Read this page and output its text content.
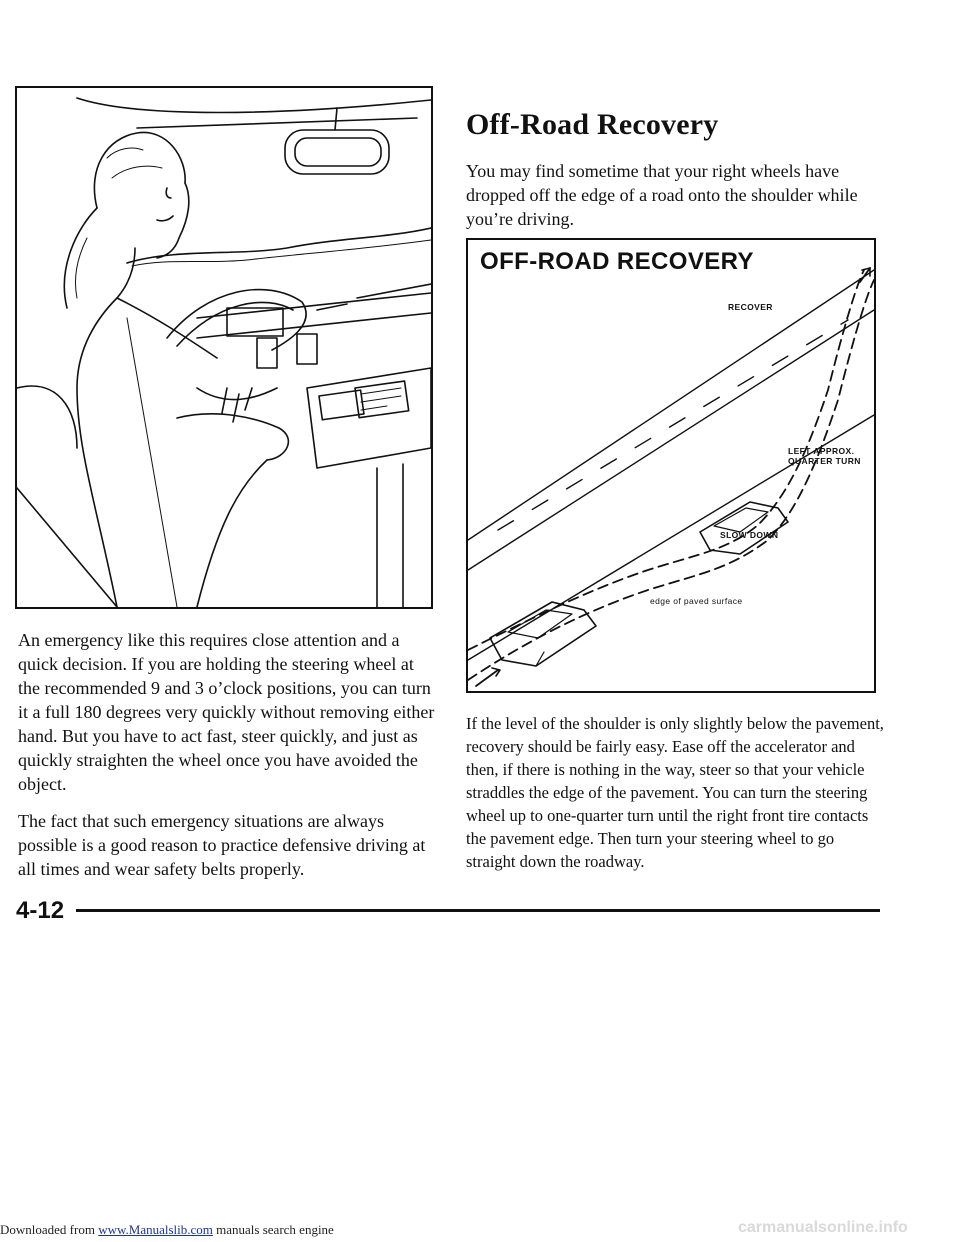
An emergency like this requires close attention and a quick decision. If you are holding the steering wheel at the recommended 9 and 3 o’clock positions, you can turn it a full 180 degrees very quickly without removing either hand. But you have to act fast, steer quickly, and just as quickly straighten the wheel once you have avoided the object.

The fact that such emergency situations are always possible is a good reason to practice defensive driving at all times and wear safety belts properly.

Off-Road Recovery

You may find sometime that your right wheels have dropped off the edge of a road onto the shoulder while you’re driving.

OFF-ROAD RECOVERY
RECOVER
LEFT APPROX. QUARTER TURN
SLOW DOWN
edge of paved surface

If the level of the shoulder is only slightly below the pavement, recovery should be fairly easy. Ease off the accelerator and then, if there is nothing in the way, steer so that your vehicle straddles the edge of the pavement. You can turn the steering wheel up to one-quarter turn until the right front tire contacts the pavement edge. Then turn your steering wheel to go straight down the roadway.

4-12
Downloaded from www.Manualslib.com manuals search engine	carmanualsonline.info
